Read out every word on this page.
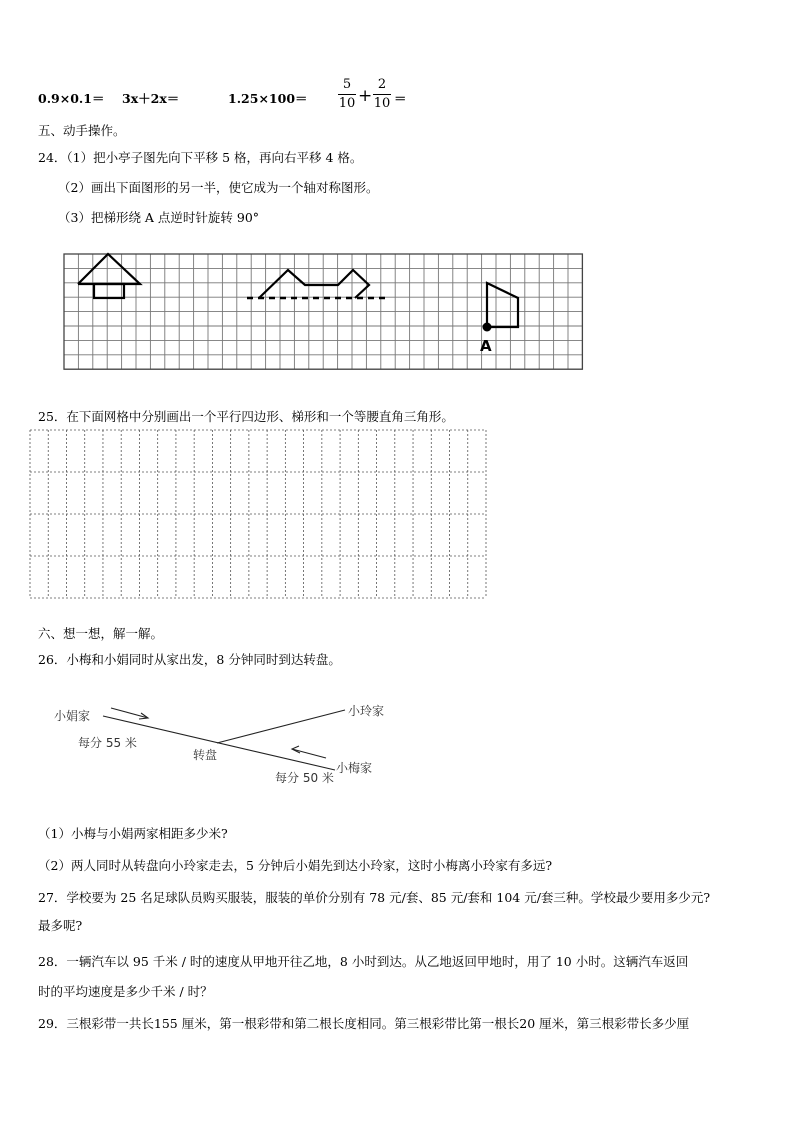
0.9×0.1＝ 3x＋2x＝	1.25×100＝
5
10 +
2
10 ＝
五、动手操作。
24．（1）把小亭子图先向下平移 5 格，再向右平移 4 格。
（2）画出下面图形的另一半，使它成为一个轴对称图形。
（3）把梯形绕 A 点逆时针旋转 90°
A
25．在下面网格中分别画出一个平行四边形、梯形和一个等腰直角三角形。
六、想一想，解一解。
26．小梅和小娟同时从家出发，8 分钟同时到达转盘。
小娟家	小玲家
小梅家
转盘
每分 55 米
每分 50 米
（1）小梅与小娟两家相距多少米?
（2）两人同时从转盘向小玲家走去，5 分钟后小娟先到达小玲家，这时小梅离小玲家有多远?
27．学校要为 25 名足球队员购买服装，服装的单价分别有 78 元/套、85 元/套和 104 元/套三种。学校最少要用多少元?
最多呢?
28．一辆汽车以 95 千米 / 时的速度从甲地开往乙地，8 小时到达。从乙地返回甲地时，用了 10 小时。这辆汽车返回
时的平均速度是多少千米 / 时？
29．三根彩带一共长155 厘米，第一根彩带和第二根长度相同。第三根彩带比第一根长20 厘米，第三根彩带长多少厘
